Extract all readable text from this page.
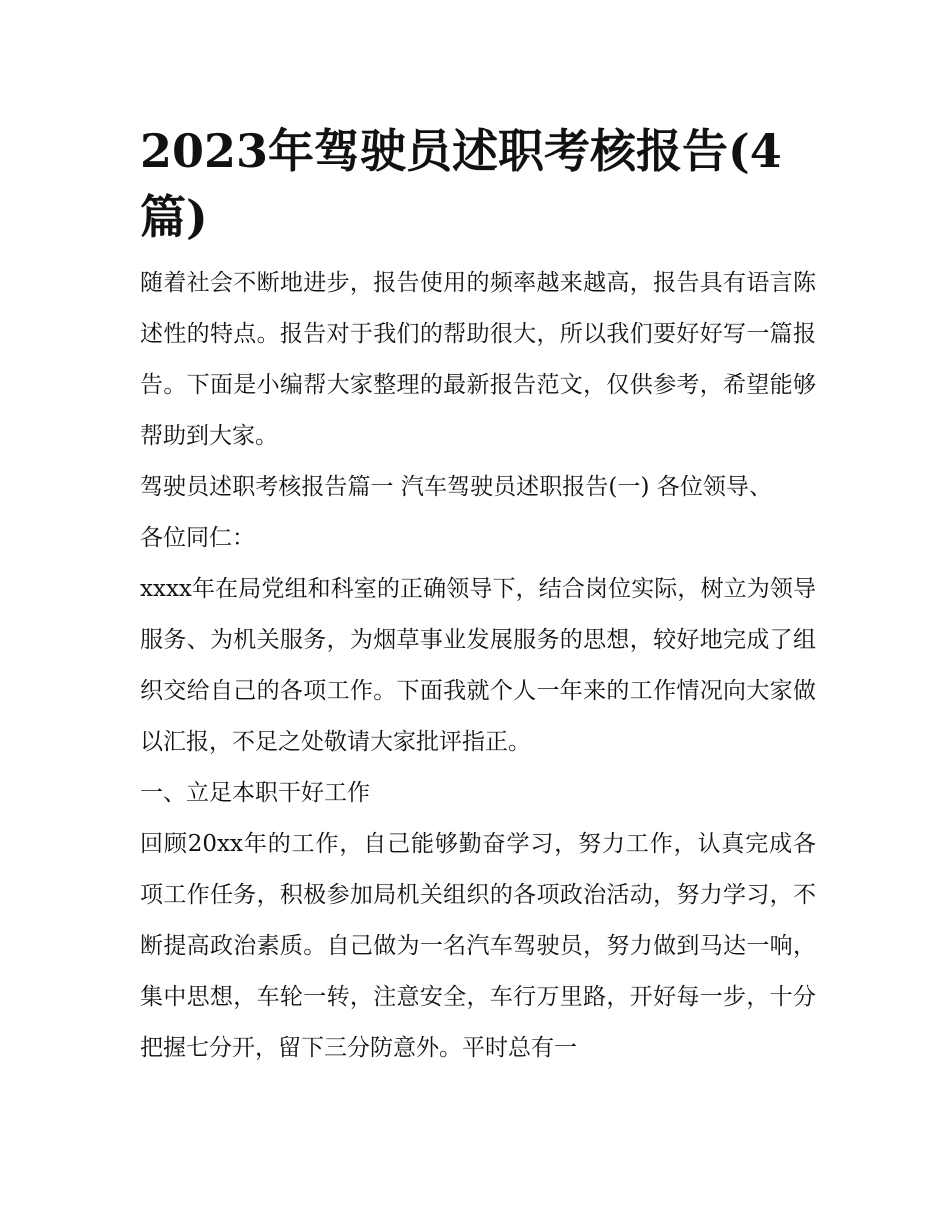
2023年驾驶员述职考核报告(4篇)

随着社会不断地进步，报告使用的频率越来越高，报告具有语言陈述性的特点。报告对于我们的帮助很大，所以我们要好好写一篇报告。下面是小编帮大家整理的最新报告范文，仅供参考，希望能够帮助到大家。

驾驶员述职考核报告篇一 汽车驾驶员述职报告(一) 各位领导、各位同仁：

xxxx年在局党组和科室的正确领导下，结合岗位实际，树立为领导服务、为机关服务，为烟草事业发展服务的思想，较好地完成了组织交给自己的各项工作。下面我就个人一年来的工作情况向大家做以汇报，不足之处敬请大家批评指正。

一、立足本职干好工作

回顾20xx年的工作，自己能够勤奋学习，努力工作，认真完成各项工作任务，积极参加局机关组织的各项政治活动，努力学习，不断提高政治素质。自己做为一名汽车驾驶员，努力做到马达一响，集中思想，车轮一转，注意安全，车行万里路，开好每一步，十分把握七分开，留下三分防意外。平时总有一
